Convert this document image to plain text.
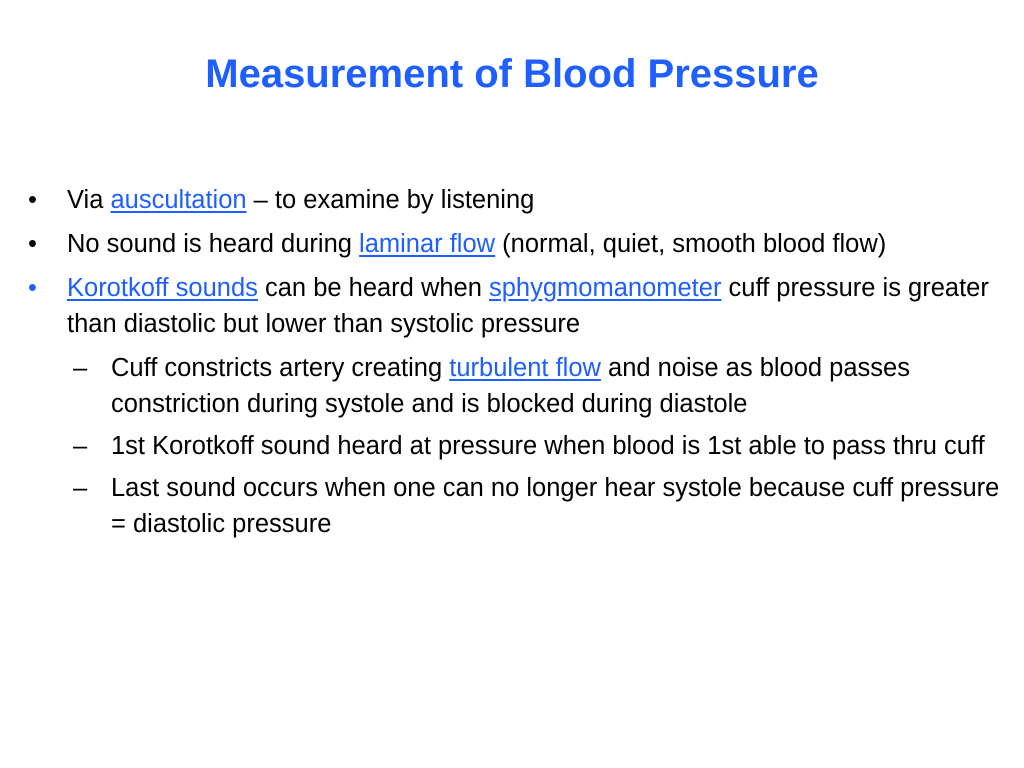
Measurement of Blood Pressure
•	Via auscultation – to examine by listening
•	No sound is heard during laminar flow (normal, quiet, smooth blood flow)
•	Korotkoff sounds can be heard when sphygmomanometer cuff pressure is greater than diastolic but lower than systolic pressure
– Cuff constricts artery creating turbulent flow and noise as blood passes constriction during systole and is blocked during diastole
– 1st Korotkoff sound heard at pressure when blood is 1st able to pass thru cuff
– Last sound occurs when one can no longer hear systole because cuff pressure = diastolic pressure
